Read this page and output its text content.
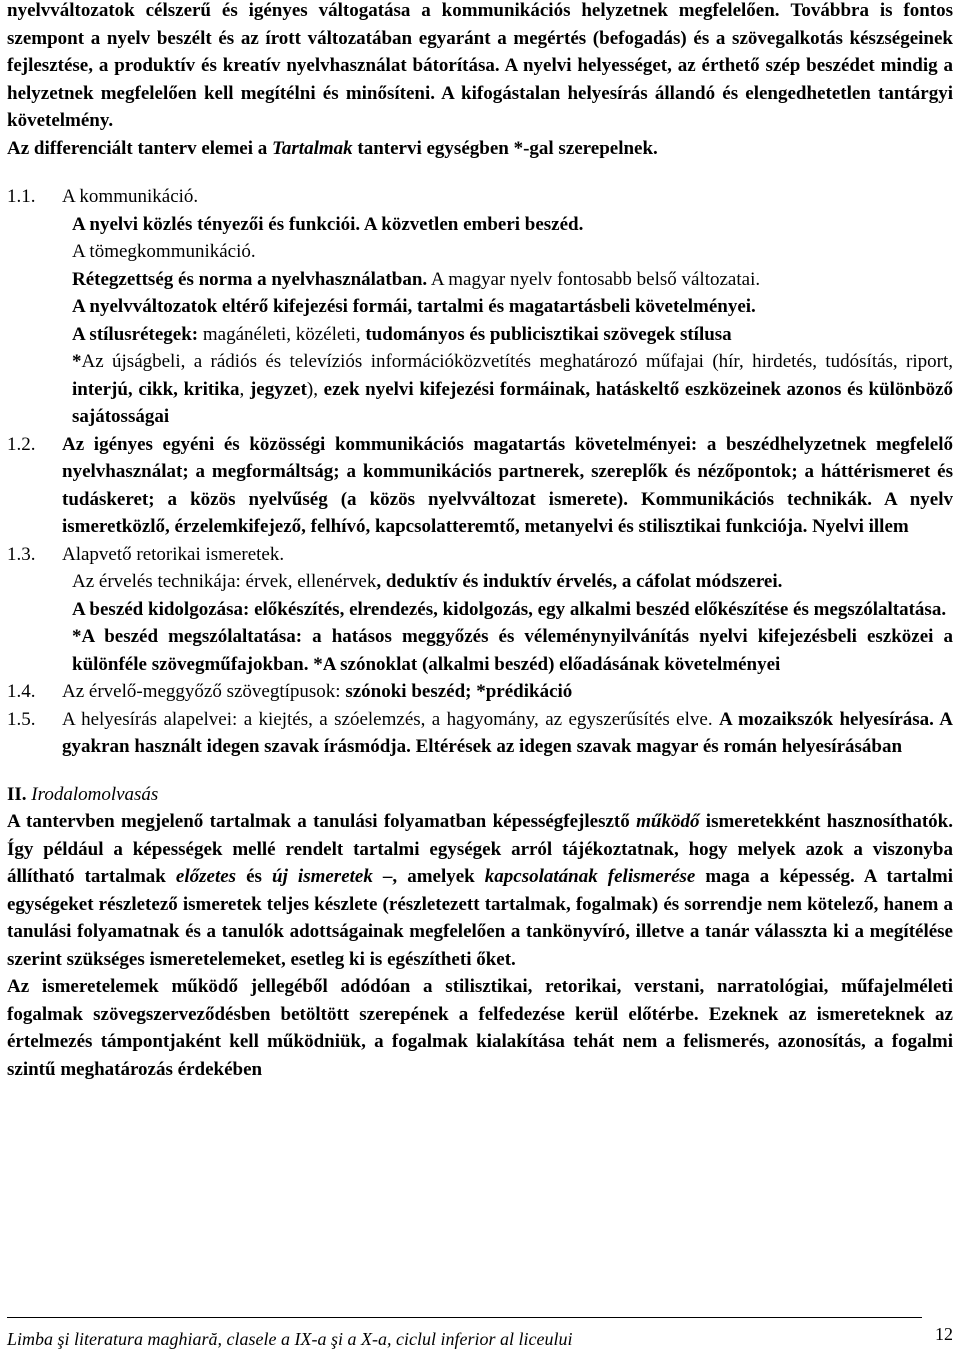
nyelvváltozatok célszerű és igényes váltogatása a kommunikációs helyzetnek megfelelően. Továbbra is fontos szempont a nyelv beszélt és az írott változatában egyaránt a megértés (befogadás) és a szövegalkotás készségeinek fejlesztése, a produktív és kreatív nyelvhasználat bátorítása. A nyelvi helyességet, az érthető szép beszédet mindig a helyzetnek megfelelően kell megítélni és minősíteni. A kifogástalan helyesírás állandó és elengedhetetlen tantárgyi követelmény.

Az differenciált tanterv elemei a Tartalmak tantervi egységben *-gal szerepelnek.

1.1.	A kommunikáció.

A nyelvi közlés tényezői és funkciói. A közvetlen emberi beszéd.

A tömegkommunikáció.

Rétegzettség és norma a nyelvhasználatban. A magyar nyelv fontosabb belső változatai.

A nyelvváltozatok eltérő kifejezési formái, tartalmi és magatartásbeli követelményei.

A stílusrétegek: magánéleti, közéleti, tudományos és publicisztikai szövegek stílusa

*Az újságbeli, a rádiós és televíziós információközvetítés meghatározó műfajai (hír, hirdetés, tudósítás, riport, interjú, cikk, kritika, jegyzet), ezek nyelvi kifejezési formáinak, hatáskeltő eszközeinek azonos és különböző sajátosságai

1.2.	Az igényes egyéni és közösségi kommunikációs magatartás követelményei: a beszédhelyzetnek megfelelő nyelvhasználat; a megformáltság; a kommunikációs partnerek, szereplők és nézőpontok; a háttérismeret és tudáskeret; a közös nyelvűség (a közös nyelvváltozat ismerete). Kommunikációs technikák. A nyelv ismeretközlő, érzelemkifejező, felhívó, kapcsolatteremtő, metanyelvi és stilisztikai funkciója. Nyelvi illem
1.3.	Alapvető retorikai ismeretek.

Az érvelés technikája: érvek, ellenérvek, deduktív és induktív érvelés, a cáfolat módszerei.

A beszéd kidolgozása: előkészítés, elrendezés, kidolgozás, egy alkalmi beszéd előkészítése és megszólaltatása.

*A beszéd megszólaltatása: a hatásos meggyőzés és véleménynyilvánítás nyelvi kifejezésbeli eszközei a különféle szövegműfajokban. *A szónoklat (alkalmi beszéd) előadásának követelményei

1.4.	Az érvelő-meggyőző szövegtípusok: szónoki beszéd; *prédikáció
1.5.	A helyesírás alapelvei: a kiejtés, a szóelemzés, a hagyomány, az egyszerűsítés elve. A mozaikszók helyesírása. A gyakran használt idegen szavak írásmódja. Eltérések az idegen szavak magyar és román helyesírásában

II. Irodalomolvasás

A tantervben megjelenő tartalmak a tanulási folyamatban képességfejlesztő működő ismeretekként hasznosíthatók. Így például a képességek mellé rendelt tartalmi egységek arról tájékoztatnak, hogy melyek azok a viszonyba állítható tartalmak előzetes és új ismeretek –, amelyek kapcsolatának felismerése maga a képesség. A tartalmi egységeket részletező ismeretek teljes készlete (részletezett tartalmak, fogalmak) és sorrendje nem kötelező, hanem a tanulási folyamatnak és a tanulók adottságainak megfelelően a tankönyvíró, illetve a tanár válasszta ki a megítélése szerint szükséges ismeretelemeket, esetleg ki is egészítheti őket.

Az ismeretelemek működő jellegéből adódóan a stilisztikai, retorikai, verstani, narratológiai, műfajelméleti fogalmak szövegszerveződésben betöltött szerepének a felfedezése kerül előtérbe. Ezeknek az ismereteknek az értelmezés támpontjaként kell működniük, a fogalmak kialakítása tehát nem a felismerés, azonosítás, a fogalmi szintű meghatározás érdekében

Limba şi literatura maghiară, clasele a IX-a şi a X-a, ciclul inferior al liceului	12
